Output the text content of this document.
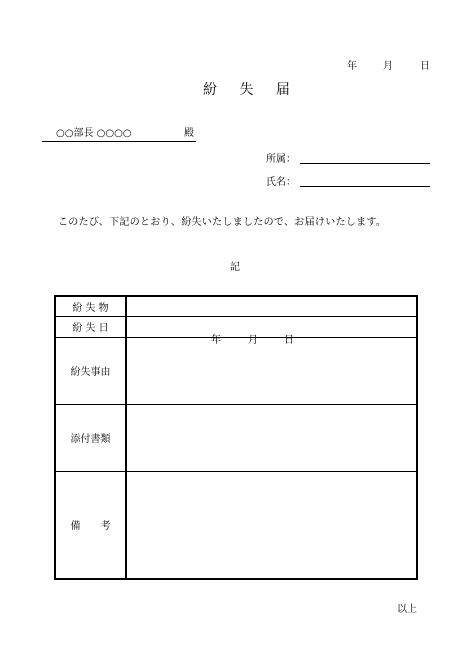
年	月	日
紛 失 届
○○部長 ○○○○	殿
所属：
氏名：
このたび、下記のとおり、紛失いたしましたので、お届けいたします。
記
紛 失 物	
紛 失 日	年 月 日

紛失事由	
添付書類	
備　　考	
以上
